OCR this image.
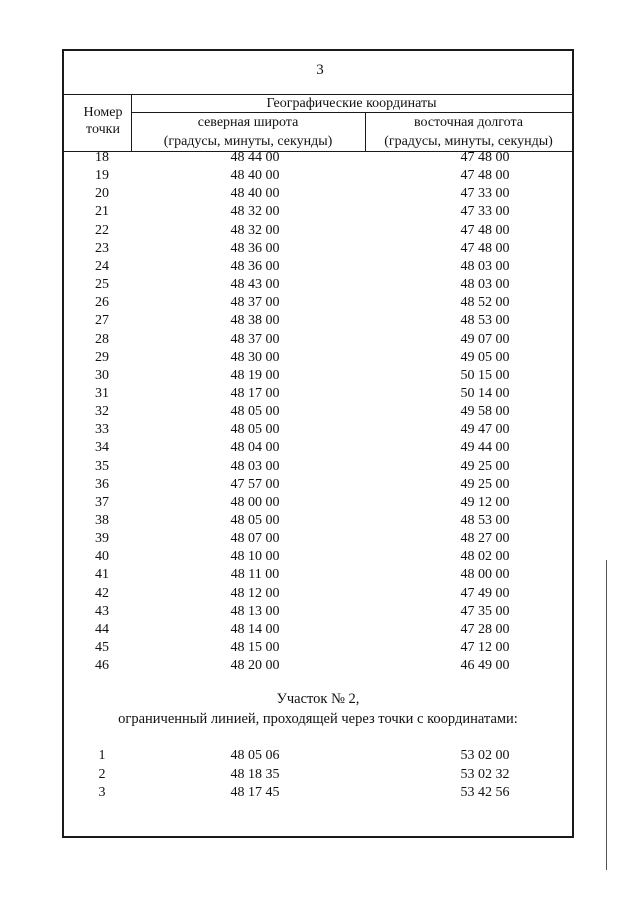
3
Номер точки
Географические координаты
северная широта
(градусы, минуты, секунды)
восточная долгота
(градусы, минуты, секунды)
18	48 44 00	47 48 00
19	48 40 00	47 48 00
20	48 40 00	47 33 00
21	48 32 00	47 33 00
22	48 32 00	47 48 00
23	48 36 00	47 48 00
24	48 36 00	48 03 00
25	48 43 00	48 03 00
26	48 37 00	48 52 00
27	48 38 00	48 53 00
28	48 37 00	49 07 00
29	48 30 00	49 05 00
30	48 19 00	50 15 00
31	48 17 00	50 14 00
32	48 05 00	49 58 00
33	48 05 00	49 47 00
34	48 04 00	49 44 00
35	48 03 00	49 25 00
36	47 57 00	49 25 00
37	48 00 00	49 12 00
38	48 05 00	48 53 00
39	48 07 00	48 27 00
40	48 10 00	48 02 00
41	48 11 00	48 00 00
42	48 12 00	47 49 00
43	48 13 00	47 35 00
44	48 14 00	47 28 00
45	48 15 00	47 12 00
46	48 20 00	46 49 00
Участок № 2,
ограниченный линией, проходящей через точки с координатами:
1	48 05 06	53 02 00
2	48 18 35	53 02 32
3	48 17 45	53 42 56
